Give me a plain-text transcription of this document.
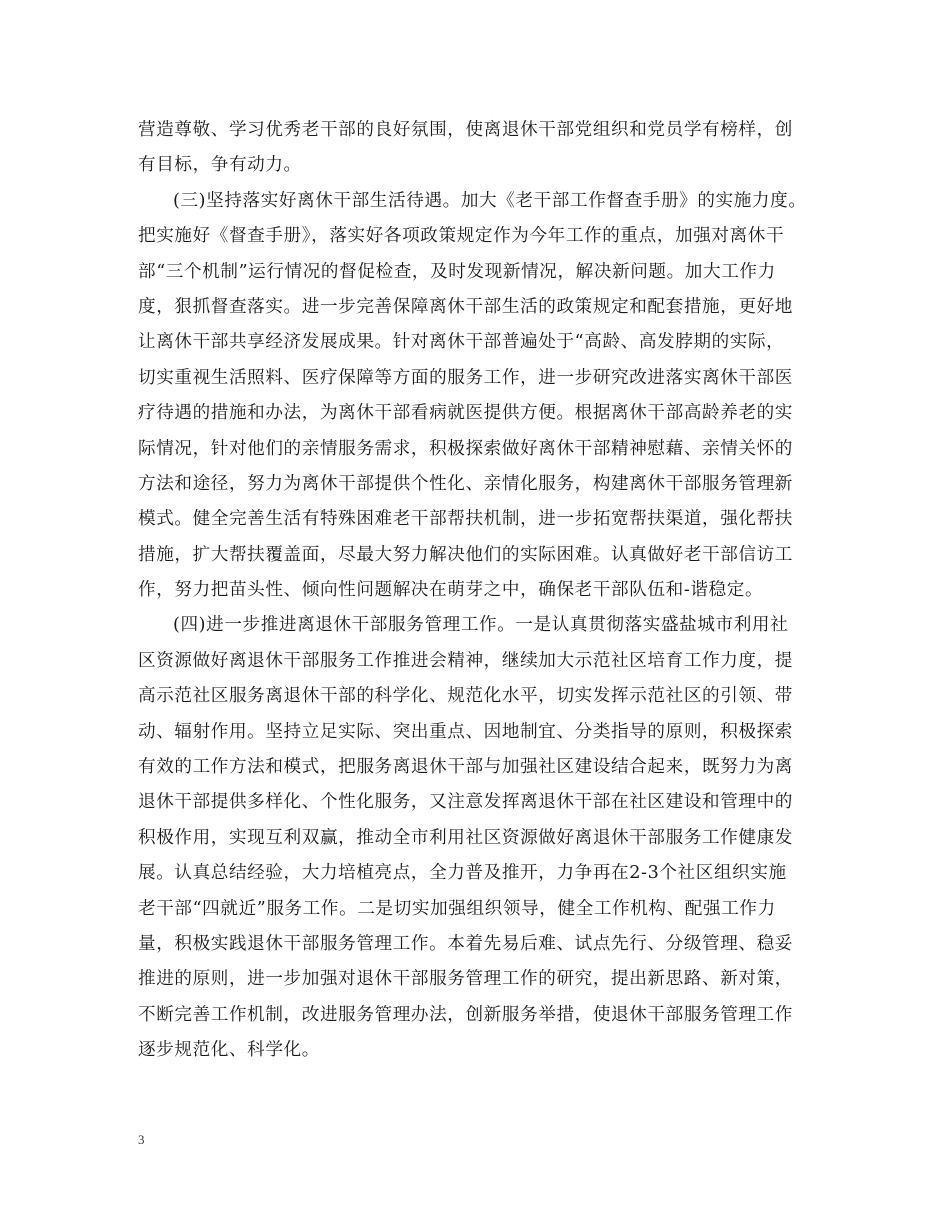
营造尊敬、学习优秀老干部的良好氛围，使离退休干部党组织和党员学有榜样，创
有目标，争有动力。
(三)坚持落实好离休干部生活待遇。加大《老干部工作督查手册》的实施力度。
把实施好《督查手册》，落实好各项政策规定作为今年工作的重点，加强对离休干
部“三个机制”运行情况的督促检查，及时发现新情况，解决新问题。加大工作力
度，狠抓督查落实。进一步完善保障离休干部生活的政策规定和配套措施，更好地
让离休干部共享经济发展成果。针对离休干部普遍处于“高龄、高发脖期的实际，
切实重视生活照料、医疗保障等方面的服务工作，进一步研究改进落实离休干部医
疗待遇的措施和办法，为离休干部看病就医提供方便。根据离休干部高龄养老的实
际情况，针对他们的亲情服务需求，积极探索做好离休干部精神慰藉、亲情关怀的
方法和途径，努力为离休干部提供个性化、亲情化服务，构建离休干部服务管理新
模式。健全完善生活有特殊困难老干部帮扶机制，进一步拓宽帮扶渠道，强化帮扶
措施，扩大帮扶覆盖面，尽最大努力解决他们的实际困难。认真做好老干部信访工
作，努力把苗头性、倾向性问题解决在萌芽之中，确保老干部队伍和-谐稳定。
(四)进一步推进离退休干部服务管理工作。一是认真贯彻落实盛盐城市利用社
区资源做好离退休干部服务工作推进会精神，继续加大示范社区培育工作力度，提
高示范社区服务离退休干部的科学化、规范化水平，切实发挥示范社区的引领、带
动、辐射作用。坚持立足实际、突出重点、因地制宜、分类指导的原则，积极探索
有效的工作方法和模式，把服务离退休干部与加强社区建设结合起来，既努力为离
退休干部提供多样化、个性化服务，又注意发挥离退休干部在社区建设和管理中的
积极作用，实现互利双赢，推动全市利用社区资源做好离退休干部服务工作健康发
展。认真总结经验，大力培植亮点，全力普及推开，力争再在2-3个社区组织实施
老干部“四就近”服务工作。二是切实加强组织领导，健全工作机构、配强工作力
量，积极实践退休干部服务管理工作。本着先易后难、试点先行、分级管理、稳妥
推进的原则，进一步加强对退休干部服务管理工作的研究，提出新思路、新对策，
不断完善工作机制，改进服务管理办法，创新服务举措，使退休干部服务管理工作
逐步规范化、科学化。
3
